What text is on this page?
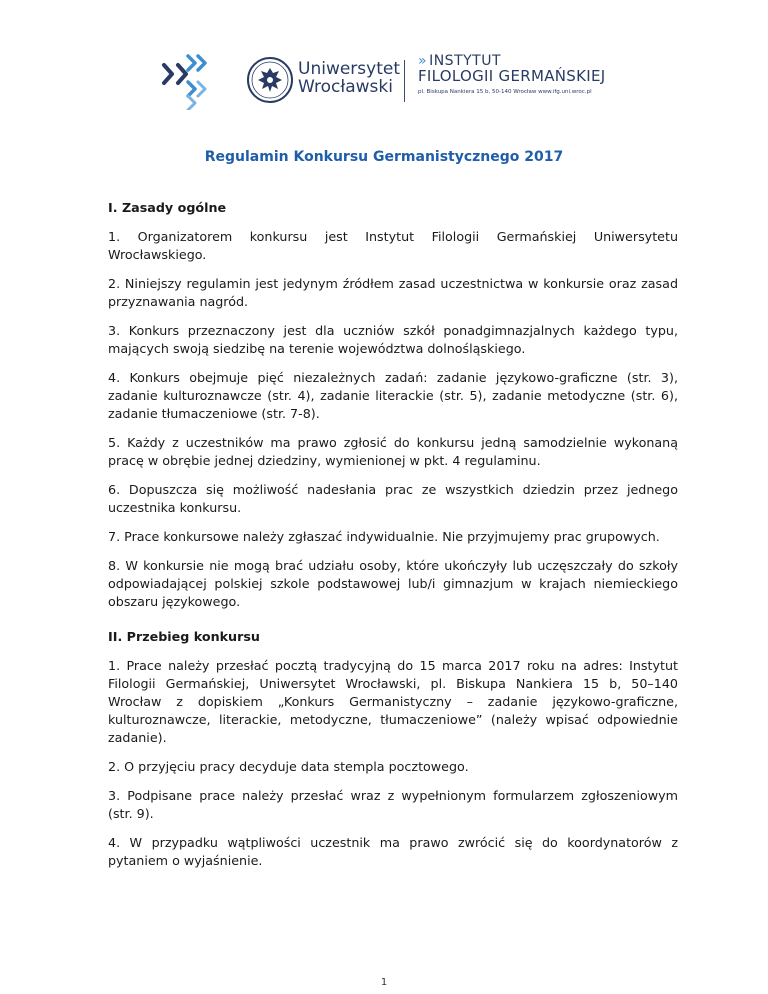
Uniwersytet
Wrocławski
» INSTYTUT
FILOLOGII GERMAŃSKIEJ
pl. Biskupa Nankiera 15 b, 50-140 Wrocław www.ifg.uni.wroc.pl
Regulamin Konkursu Germanistycznego 2017
I. Zasady ogólne

1. Organizatorem konkursu jest Instytut Filologii Germańskiej Uniwersytetu Wrocławskiego.

2. Niniejszy regulamin jest jedynym źródłem zasad uczestnictwa w konkursie oraz zasad przyznawania nagród.

3. Konkurs przeznaczony jest dla uczniów szkół ponadgimnazjalnych każdego typu, mających swoją siedzibę na terenie województwa dolnośląskiego.

4. Konkurs obejmuje pięć niezależnych zadań: zadanie językowo-graficzne (str. 3), zadanie kulturoznawcze (str. 4), zadanie literackie (str. 5), zadanie metodyczne (str. 6), zadanie tłumaczeniowe (str. 7-8).

5. Każdy z uczestników ma prawo zgłosić do konkursu jedną samodzielnie wykonaną pracę w obrębie jednej dziedziny, wymienionej w pkt. 4 regulaminu.

6. Dopuszcza się możliwość nadesłania prac ze wszystkich dziedzin przez jednego uczestnika konkursu.

7. Prace konkursowe należy zgłaszać indywidualnie. Nie przyjmujemy prac grupowych.

8. W konkursie nie mogą brać udziału osoby, które ukończyły lub uczęszczały do szkoły odpowiadającej polskiej szkole podstawowej lub/i gimnazjum w krajach niemieckiego obszaru językowego.

II. Przebieg konkursu

1. Prace należy przesłać pocztą tradycyjną do 15 marca 2017 roku na adres: Instytut Filologii Germańskiej, Uniwersytet Wrocławski, pl. Biskupa Nankiera 15 b, 50–140 Wrocław z dopiskiem „Konkurs Germanistyczny – zadanie językowo-graficzne, kulturoznawcze, literackie, metodyczne, tłumaczeniowe” (należy wpisać odpowiednie zadanie).

2. O przyjęciu pracy decyduje data stempla pocztowego.

3. Podpisane prace należy przesłać wraz z wypełnionym formularzem zgłoszeniowym (str. 9).

4. W przypadku wątpliwości uczestnik ma prawo zwrócić się do koordynatorów z pytaniem o wyjaśnienie.

1
